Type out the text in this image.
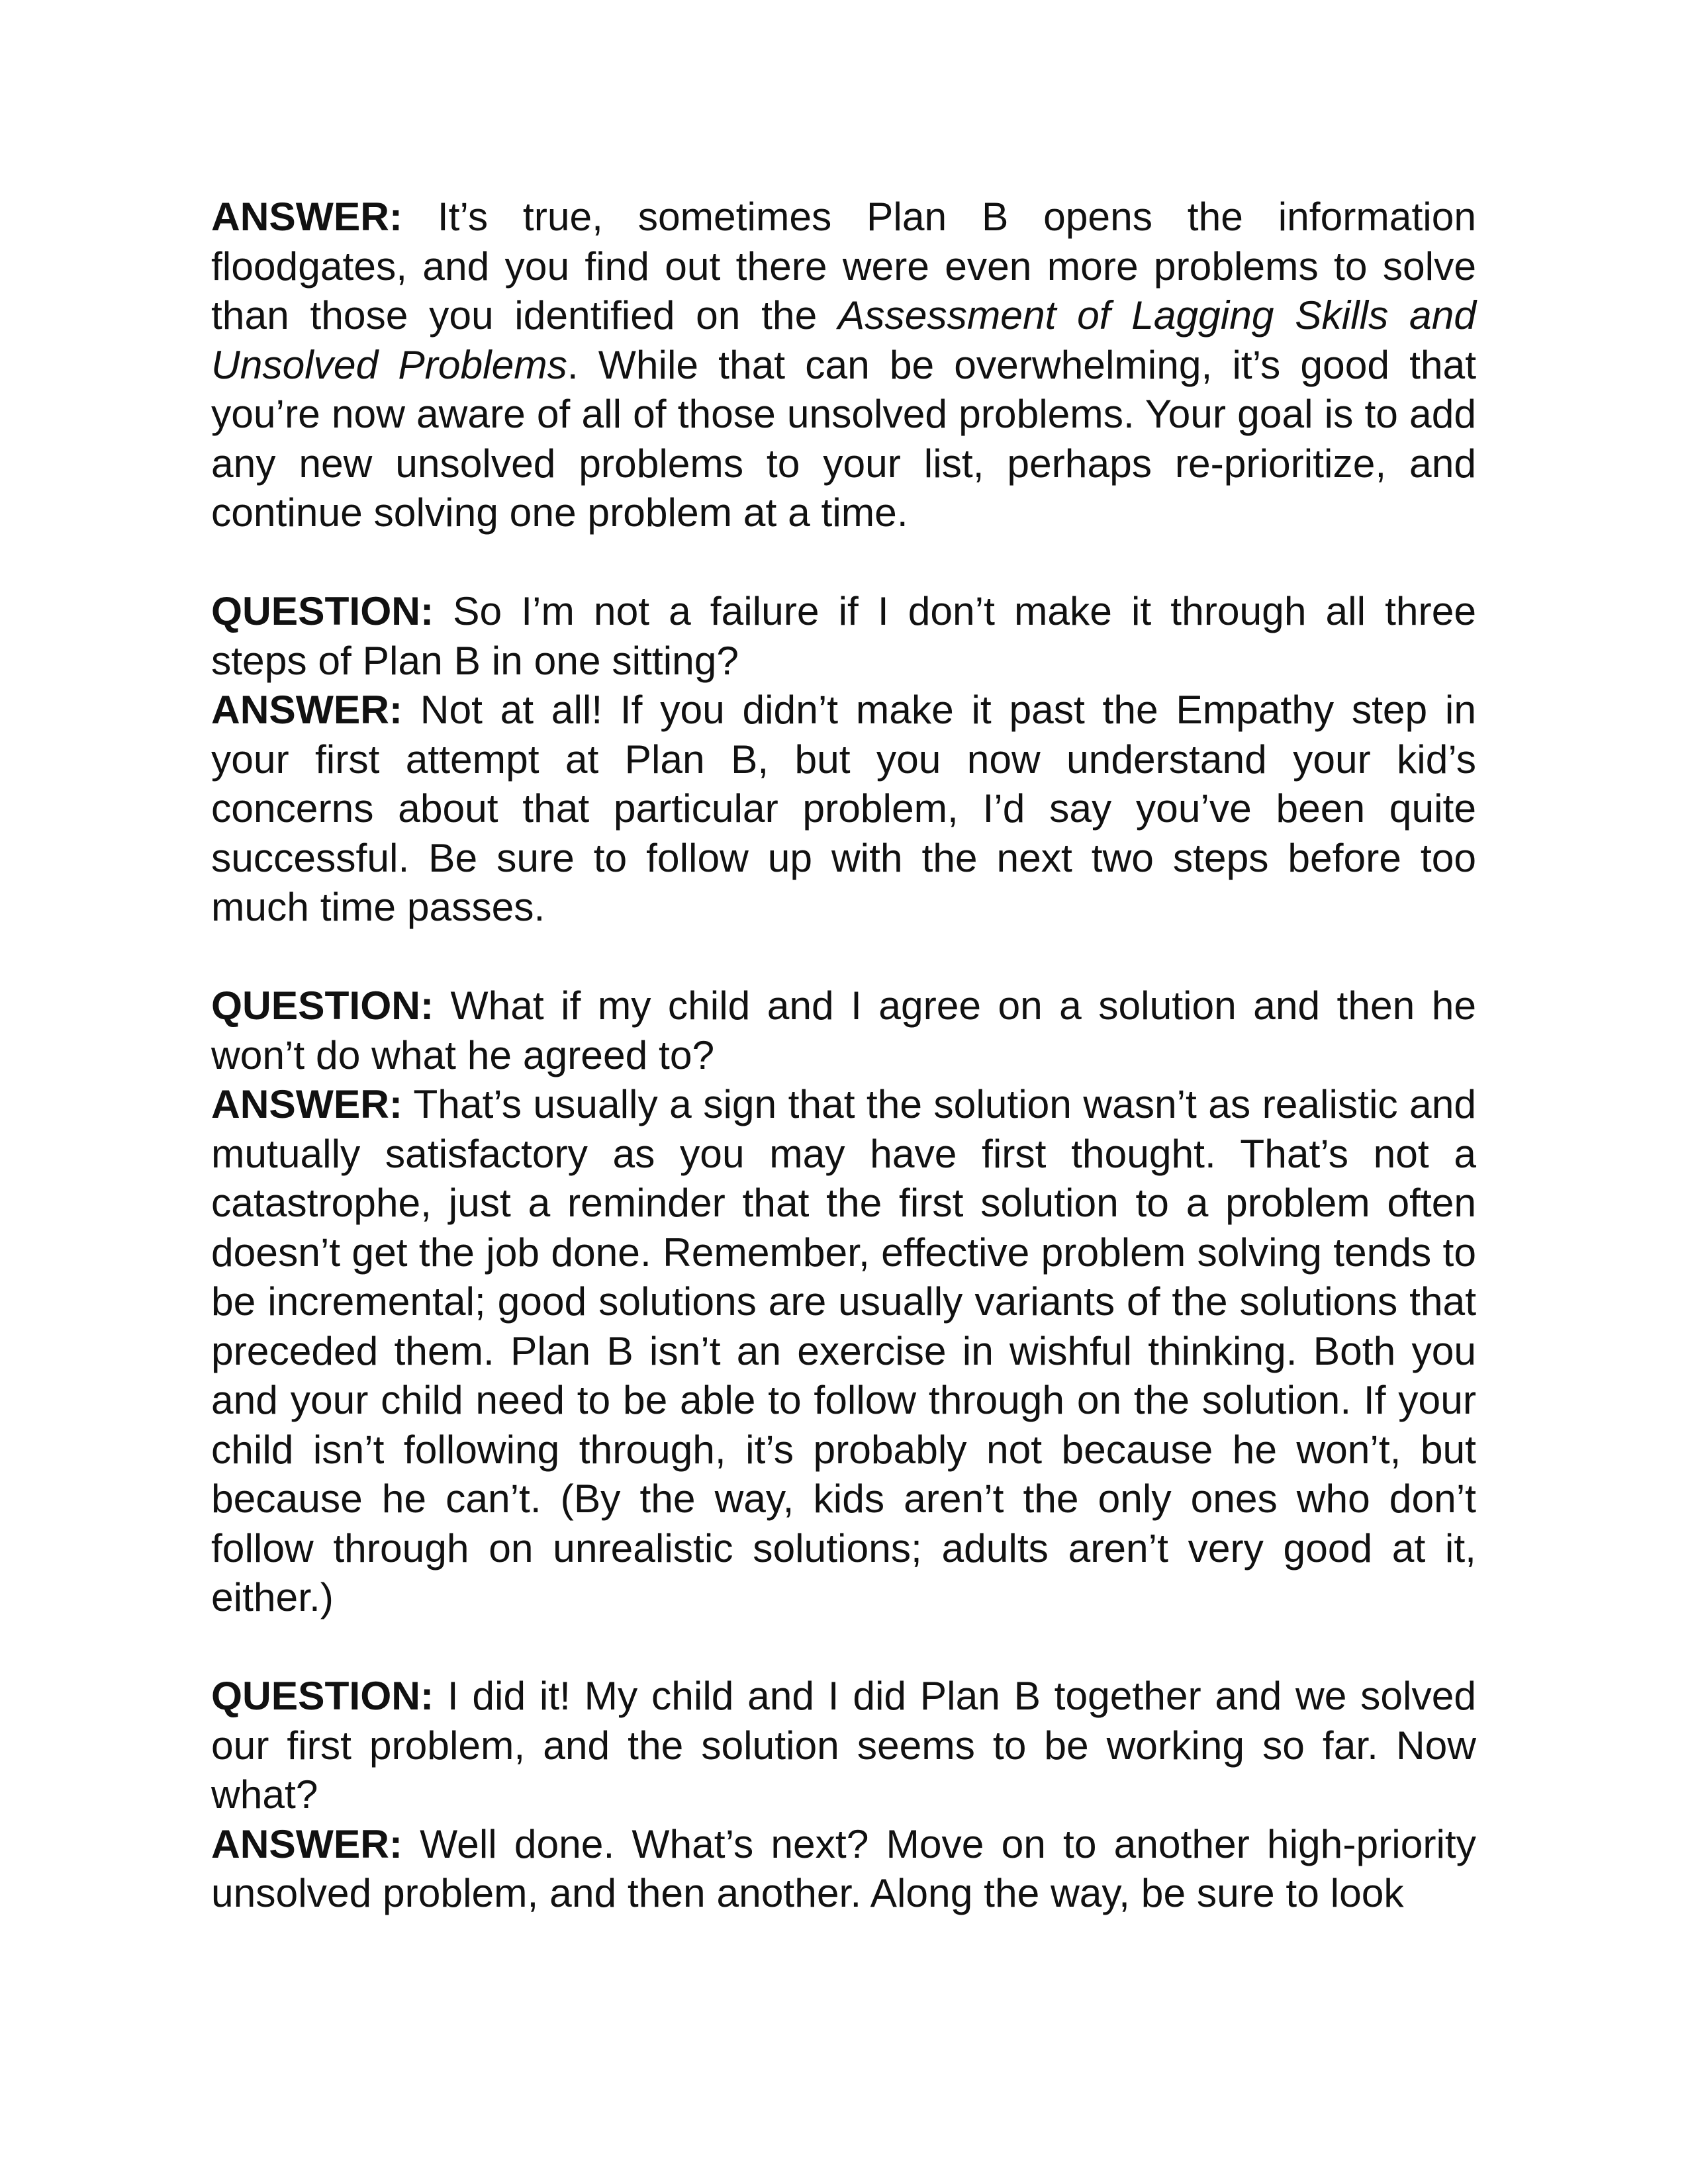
ANSWER: It’s true, sometimes Plan B opens the information floodgates, and you find out there were even more problems to solve than those you identified on the Assessment of Lagging Skills and Unsolved Problems. While that can be overwhelming, it’s good that you’re now aware of all of those unsolved problems. Your goal is to add any new unsolved problems to your list, perhaps re-prioritize, and continue solving one problem at a time.

QUESTION: So I’m not a failure if I don’t make it through all three steps of Plan B in one sitting?

ANSWER: Not at all! If you didn’t make it past the Empathy step in your first attempt at Plan B, but you now understand your kid’s concerns about that particular problem, I’d say you’ve been quite successful. Be sure to follow up with the next two steps before too much time passes.

QUESTION: What if my child and I agree on a solution and then he won’t do what he agreed to?

ANSWER: That’s usually a sign that the solution wasn’t as realistic and mutually satisfactory as you may have first thought. That’s not a catastrophe, just a reminder that the first solution to a problem often doesn’t get the job done. Remember, effective problem solving tends to be incremental; good solutions are usually variants of the solutions that preceded them. Plan B isn’t an exercise in wishful thinking. Both you and your child need to be able to follow through on the solution. If your child isn’t following through, it’s probably not because he won’t, but because he can’t. (By the way, kids aren’t the only ones who don’t follow through on unrealistic solutions; adults aren’t very good at it, either.)

QUESTION: I did it! My child and I did Plan B together and we solved our first problem, and the solution seems to be working so far. Now what?

ANSWER: Well done. What’s next? Move on to another high-priority unsolved problem, and then another. Along the way, be sure to look
